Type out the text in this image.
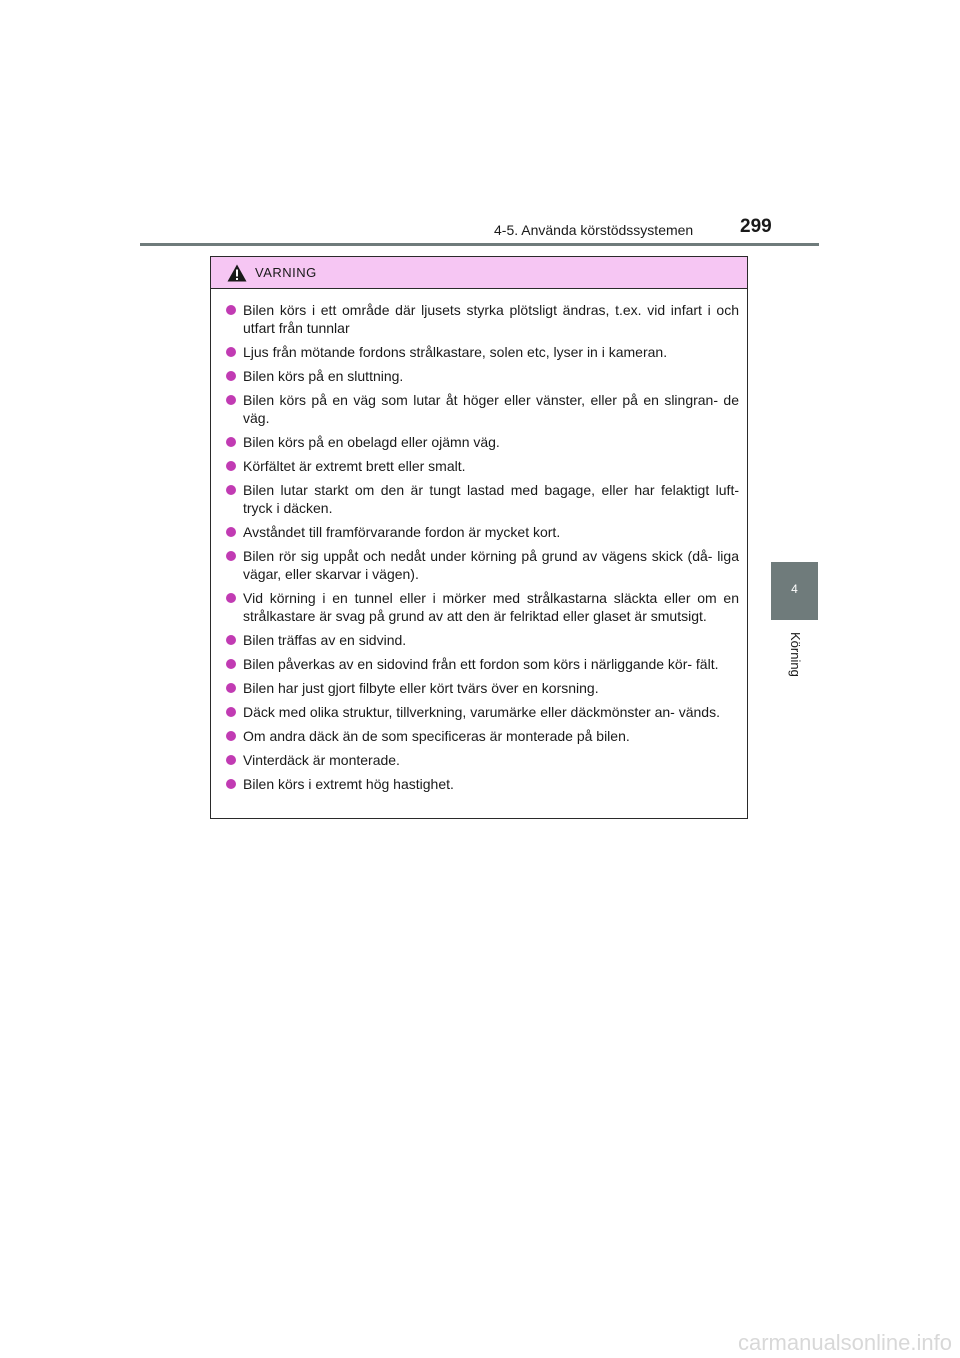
4-5. Använda körstödssystemen 299
4
Körning
VARNING
Bilen körs i ett område där ljusets styrka plötsligt ändras, t.ex. vid infart i och utfart från tunnlar
Ljus från mötande fordons strålkastare, solen etc, lyser in i kameran.
Bilen körs på en sluttning.
Bilen körs på en väg som lutar åt höger eller vänster, eller på en slingran- de väg.
Bilen körs på en obelagd eller ojämn väg.
Körfältet är extremt brett eller smalt.
Bilen lutar starkt om den är tungt lastad med bagage, eller har felaktigt luft- tryck i däcken.
Avståndet till framförvarande fordon är mycket kort.
Bilen rör sig uppåt och nedåt under körning på grund av vägens skick (då- liga vägar, eller skarvar i vägen).
Vid körning i en tunnel eller i mörker med strålkastarna släckta eller om en strålkastare är svag på grund av att den är felriktad eller glaset är smutsigt.
Bilen träffas av en sidvind.
Bilen påverkas av en sidovind från ett fordon som körs i närliggande kör- fält.
Bilen har just gjort filbyte eller kört tvärs över en korsning.
Däck med olika struktur, tillverkning, varumärke eller däckmönster an- vänds.
Om andra däck än de som specificeras är monterade på bilen.
Vinterdäck är monterade.
Bilen körs i extremt hög hastighet.
carmanualsonline.info
